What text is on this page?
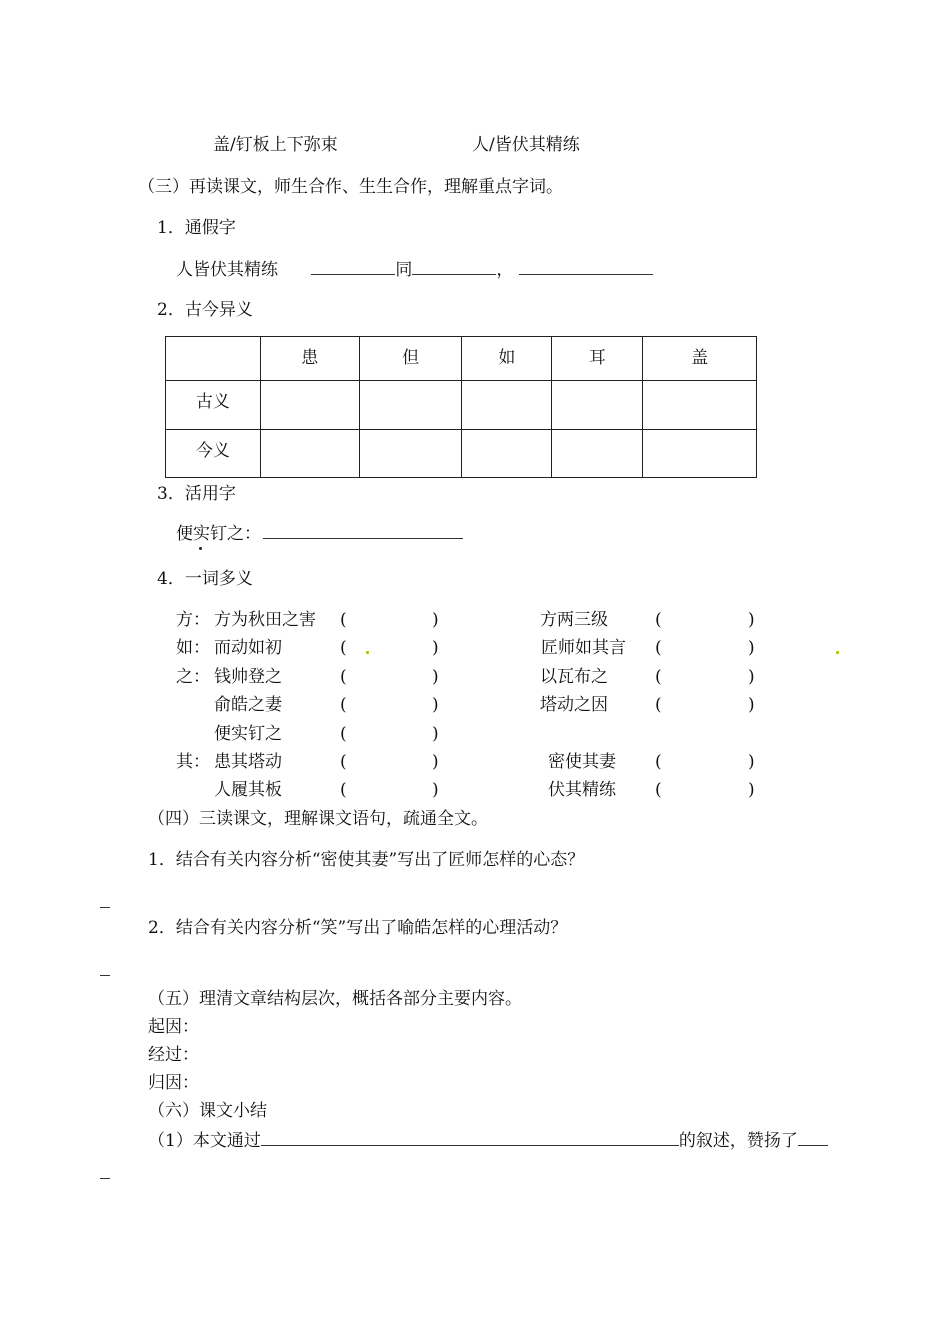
盖/钉板上下弥束	人/皆伏其精练
（三）再读课文，师生合作、生生合作，理解重点字词。
1．通假字
人皆伏其精练	同	，
2．古今异义
	患	但	如	耳	盖
古义					
今义					
3．活用字
便实钉之：
4．一词多义
方： 方为秋田之害 (	)	方两三级	(	)
如： 而动如初	(	)	匠师如其言 (	)
之： 钱帅登之	(	)	以瓦布之	(	)
俞皓之妻	(	)	塔动之因	(	)
便实钉之	(	)
其： 患其塔动	(	)	密使其妻 (	)
人履其板	(	)	伏其精练 (	)
（四）三读课文，理解课文语句，疏通全文。
1．结合有关内容分析“密使其妻”写出了匠师怎样的心态？
2．结合有关内容分析“笑”写出了喻皓怎样的心理活动？
（五）理清文章结构层次，概括各部分主要内容。
起因：
经过：
归因：
（六）课文小结
（1）本文通过	的叙述，赞扬了
